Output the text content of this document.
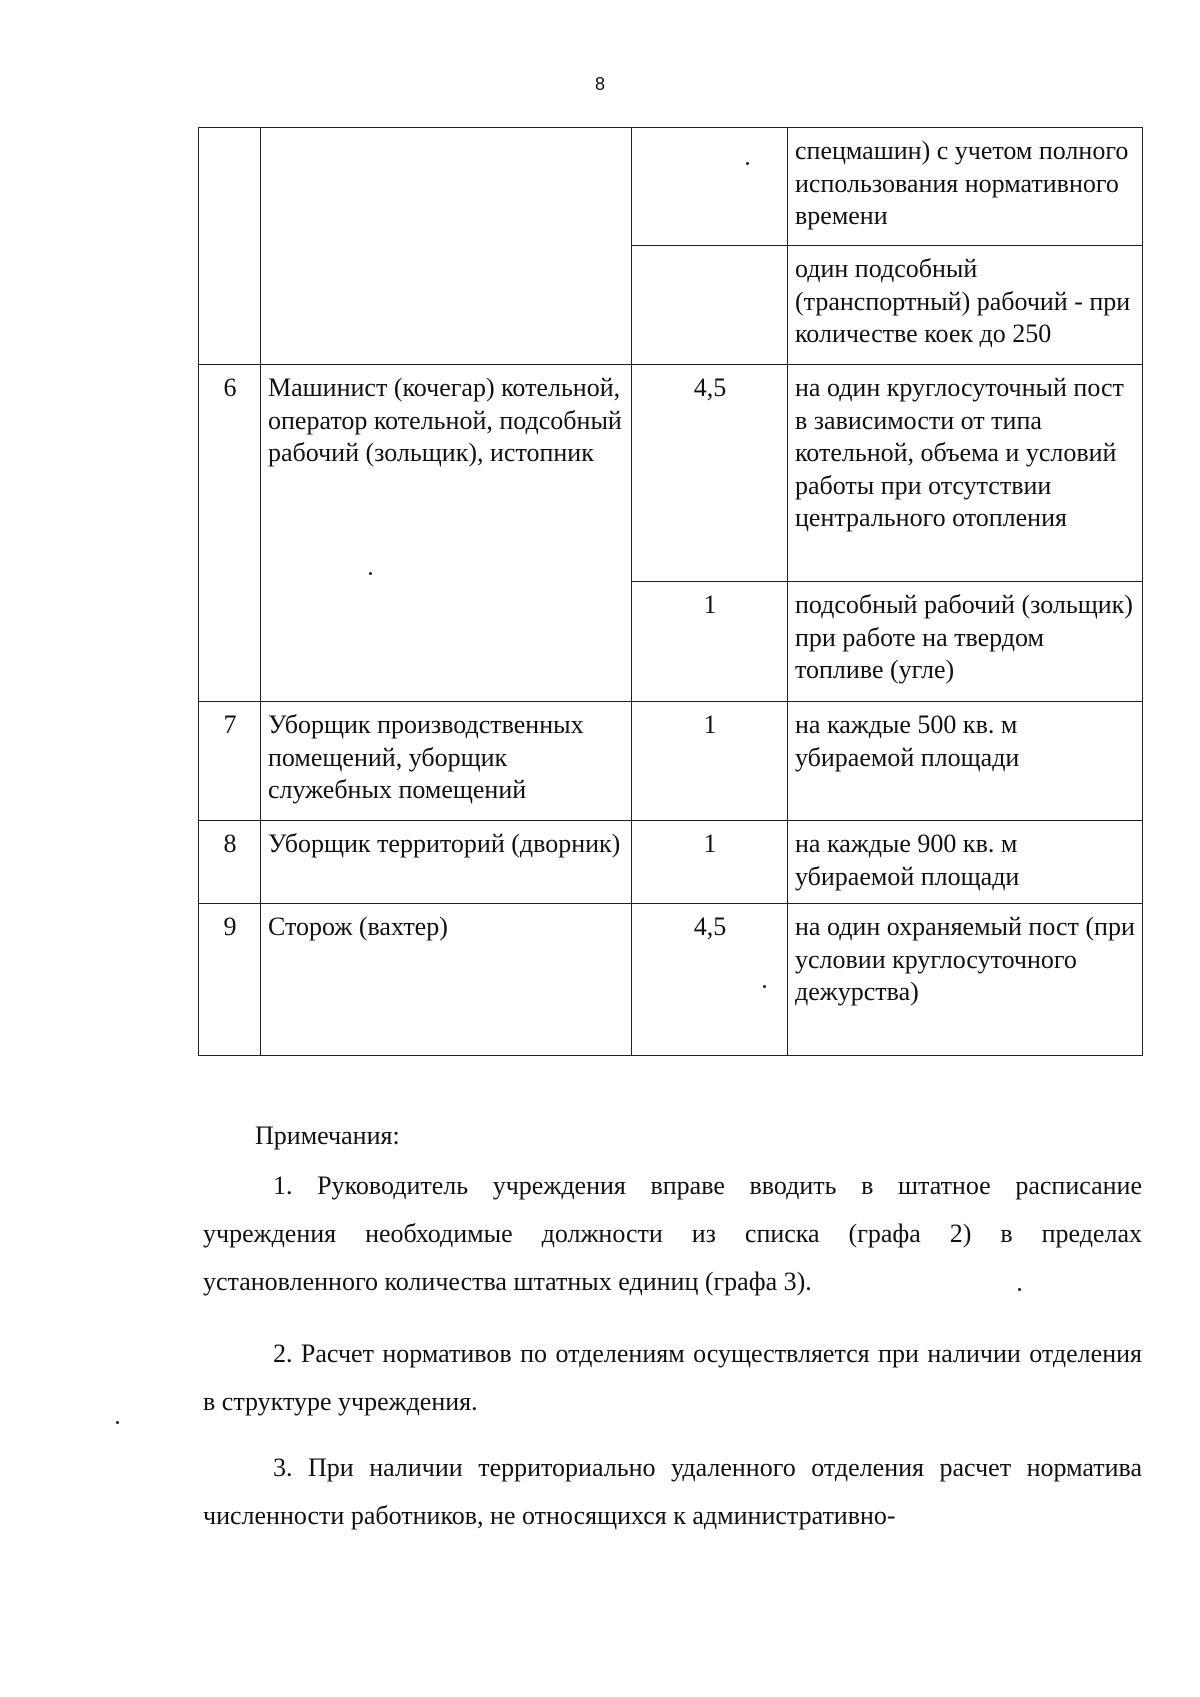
8
			спецмашин) с учетом полного использования нормативного времени
			один подсобный (транспортный) рабочий - при количестве коек до 250
6	Машинист (кочегар) котельной, оператор котельной, подсобный рабочий (зольщик), истопник	4,5	на один круглосуточный пост в зависимости от типа котельной, объема и условий работы при отсутствии центрального отопления
		1	подсобный рабочий (зольщик) при работе на твердом топливе (угле)
7	Уборщик производственных помещений, уборщик служебных помещений	1	на каждые 500 кв. м убираемой площади
8	Уборщик территорий (дворник)	1	на каждые 900 кв. м убираемой площади
9	Сторож (вахтер)	4,5	на один охраняемый пост (при условии круглосуточного дежурства)
Примечания:
1. Руководитель учреждения вправе вводить в штатное расписание учреждения необходимые должности из списка (графа 2) в пределах установленного количества штатных единиц (графа 3).
2. Расчет нормативов по отделениям осуществляется при наличии отделения в структуре учреждения.
3. При наличии территориально удаленного отделения расчет норматива численности работников, не относящихся к административно-
